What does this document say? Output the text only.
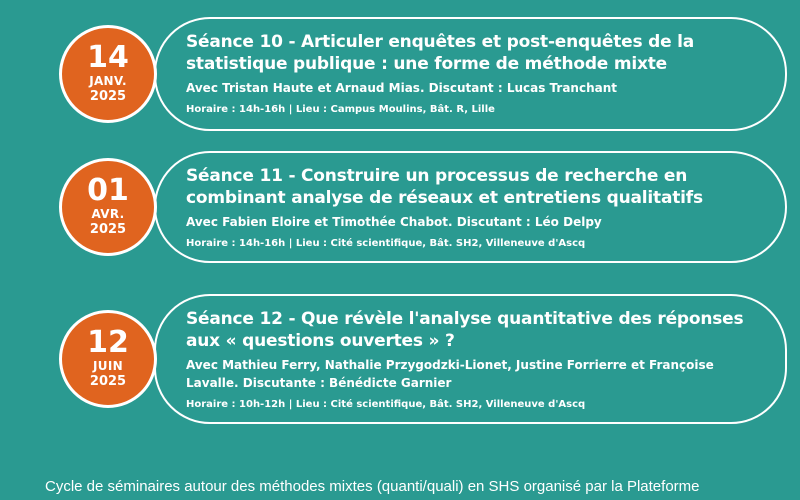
14
JANV.
2025

Séance 10 - Articuler enquêtes et post-enquêtes de la statistique publique : une forme de méthode mixte

Avec Tristan Haute et Arnaud Mias. Discutant : Lucas Tranchant
Horaire : 14h-16h | Lieu : Campus Moulins, Bât. R, Lille
01
AVR.
2025

Séance 11 - Construire un processus de recherche en combinant analyse de réseaux et entretiens qualitatifs

Avec Fabien Eloire et Timothée Chabot. Discutant : Léo Delpy
Horaire : 14h-16h | Lieu : Cité scientifique, Bât. SH2, Villeneuve d'Ascq
12
JUIN
2025

Séance 12 - Que révèle l'analyse quantitative des réponses aux « questions ouvertes » ?

Avec Mathieu Ferry, Nathalie Przygodzki-Lionet, Justine Forrierre et Françoise Lavalle. Discutante : Bénédicte Garnier
Horaire : 10h-12h | Lieu : Cité scientifique, Bât. SH2, Villeneuve d'Ascq
Cycle de séminaires autour des méthodes mixtes (quanti/quali) en SHS organisé par la Plateforme
